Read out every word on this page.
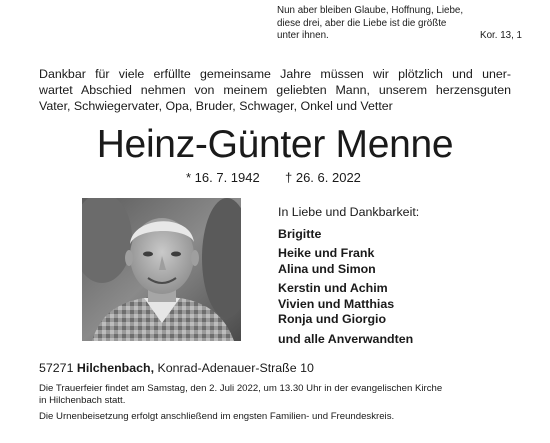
Nun aber bleiben Glaube, Hoffnung, Liebe,
diese drei, aber die Liebe ist die größte
unter ihnen.	Kor. 13, 1
Dankbar für viele erfüllte gemeinsame Jahre müssen wir plötzlich und uner-
wartet Abschied nehmen von meinem geliebten Mann, unserem herzensguten
Vater, Schwiegervater, Opa, Bruder, Schwager, Onkel und Vetter
Heinz-Günter Menne
* 16. 7. 1942 † 26. 6. 2022
In Liebe und Dankbarkeit:
Brigitte
Heike und Frank
Alina und Simon
Kerstin und Achim
Vivien und Matthias
Ronja und Giorgio
und alle Anverwandten
57271 Hilchenbach, Konrad-Adenauer-Straße 10

Die Trauerfeier findet am Samstag, den 2. Juli 2022, um 13.30 Uhr in der evangelischen Kirche
in Hilchenbach statt.

Die Urnenbeisetzung erfolgt anschließend im engsten Familien- und Freundeskreis.
